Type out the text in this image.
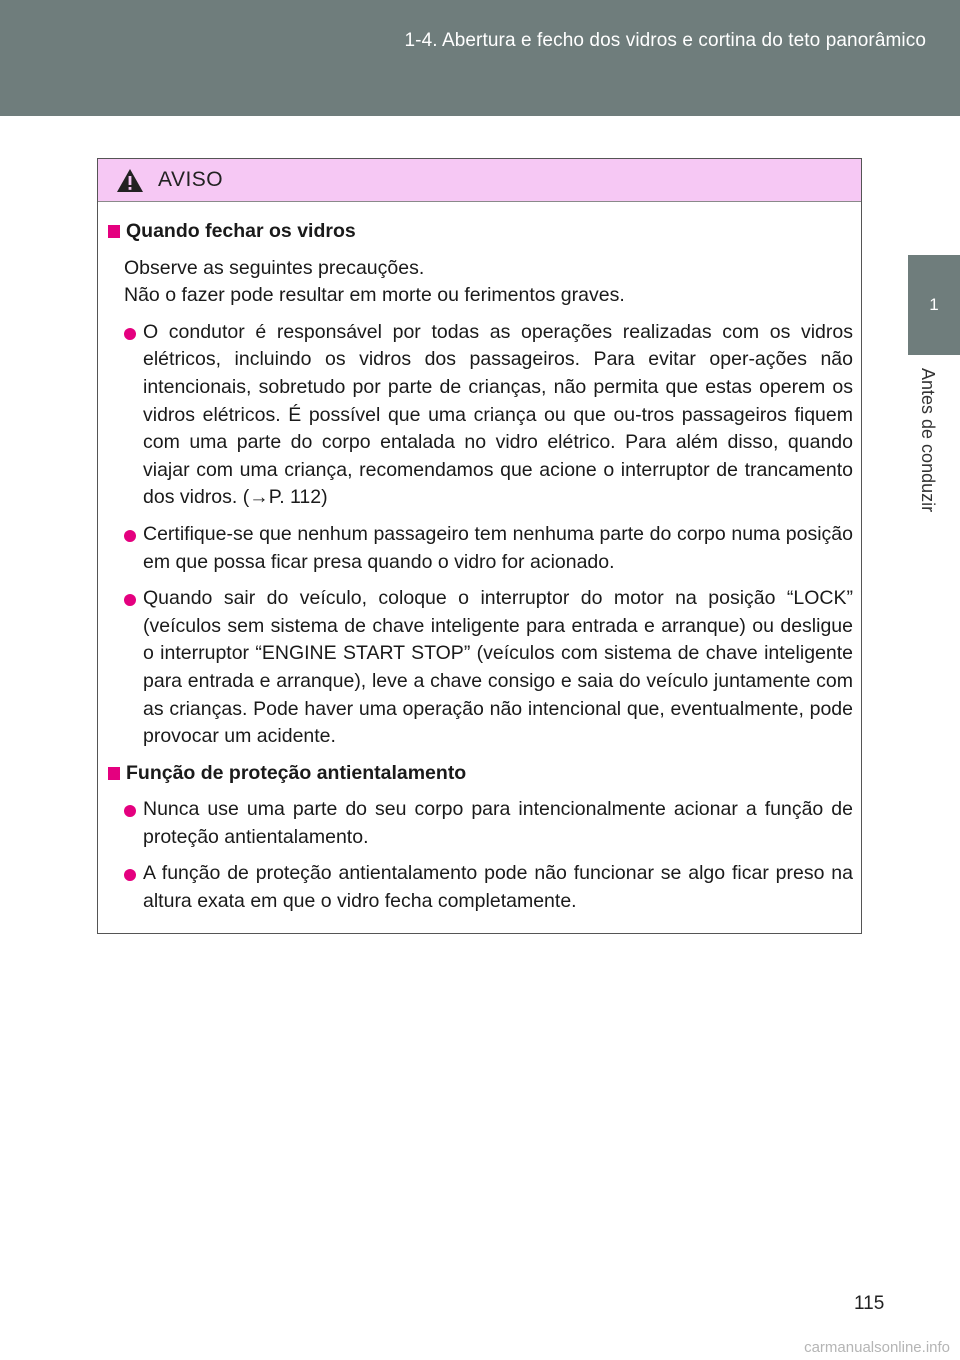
1-4. Abertura e fecho dos vidros e cortina do teto panorâmico
1
Antes de conduzir
AVISO
Quando fechar os vidros
Observe as seguintes precauções.
Não o fazer pode resultar em morte ou ferimentos graves.
O condutor é responsável por todas as operações realizadas com os vidros elétricos, incluindo os vidros dos passageiros. Para evitar oper-ações não intencionais, sobretudo por parte de crianças, não permita que estas operem os vidros elétricos. É possível que uma criança ou que ou-tros passageiros fiquem com uma parte do corpo entalada no vidro elétrico. Para além disso, quando viajar com uma criança, recomendamos que acione o interruptor de trancamento dos vidros. (→P. 112)
Certifique-se que nenhum passageiro tem nenhuma parte do corpo numa posição em que possa ficar presa quando o vidro for acionado.
Quando sair do veículo, coloque o interruptor do motor na posição “LOCK” (veículos sem sistema de chave inteligente para entrada e arranque) ou desligue o interruptor “ENGINE START STOP” (veículos com sistema de chave inteligente para entrada e arranque), leve a chave consigo e saia do veículo juntamente com as crianças. Pode haver uma operação não intencional que, eventualmente, pode provocar um acidente.
Função de proteção antientalamento
Nunca use uma parte do seu corpo para intencionalmente acionar a função de proteção antientalamento.
A função de proteção antientalamento pode não funcionar se algo ficar preso na altura exata em que o vidro fecha completamente.
115
carmanualsonline.info
